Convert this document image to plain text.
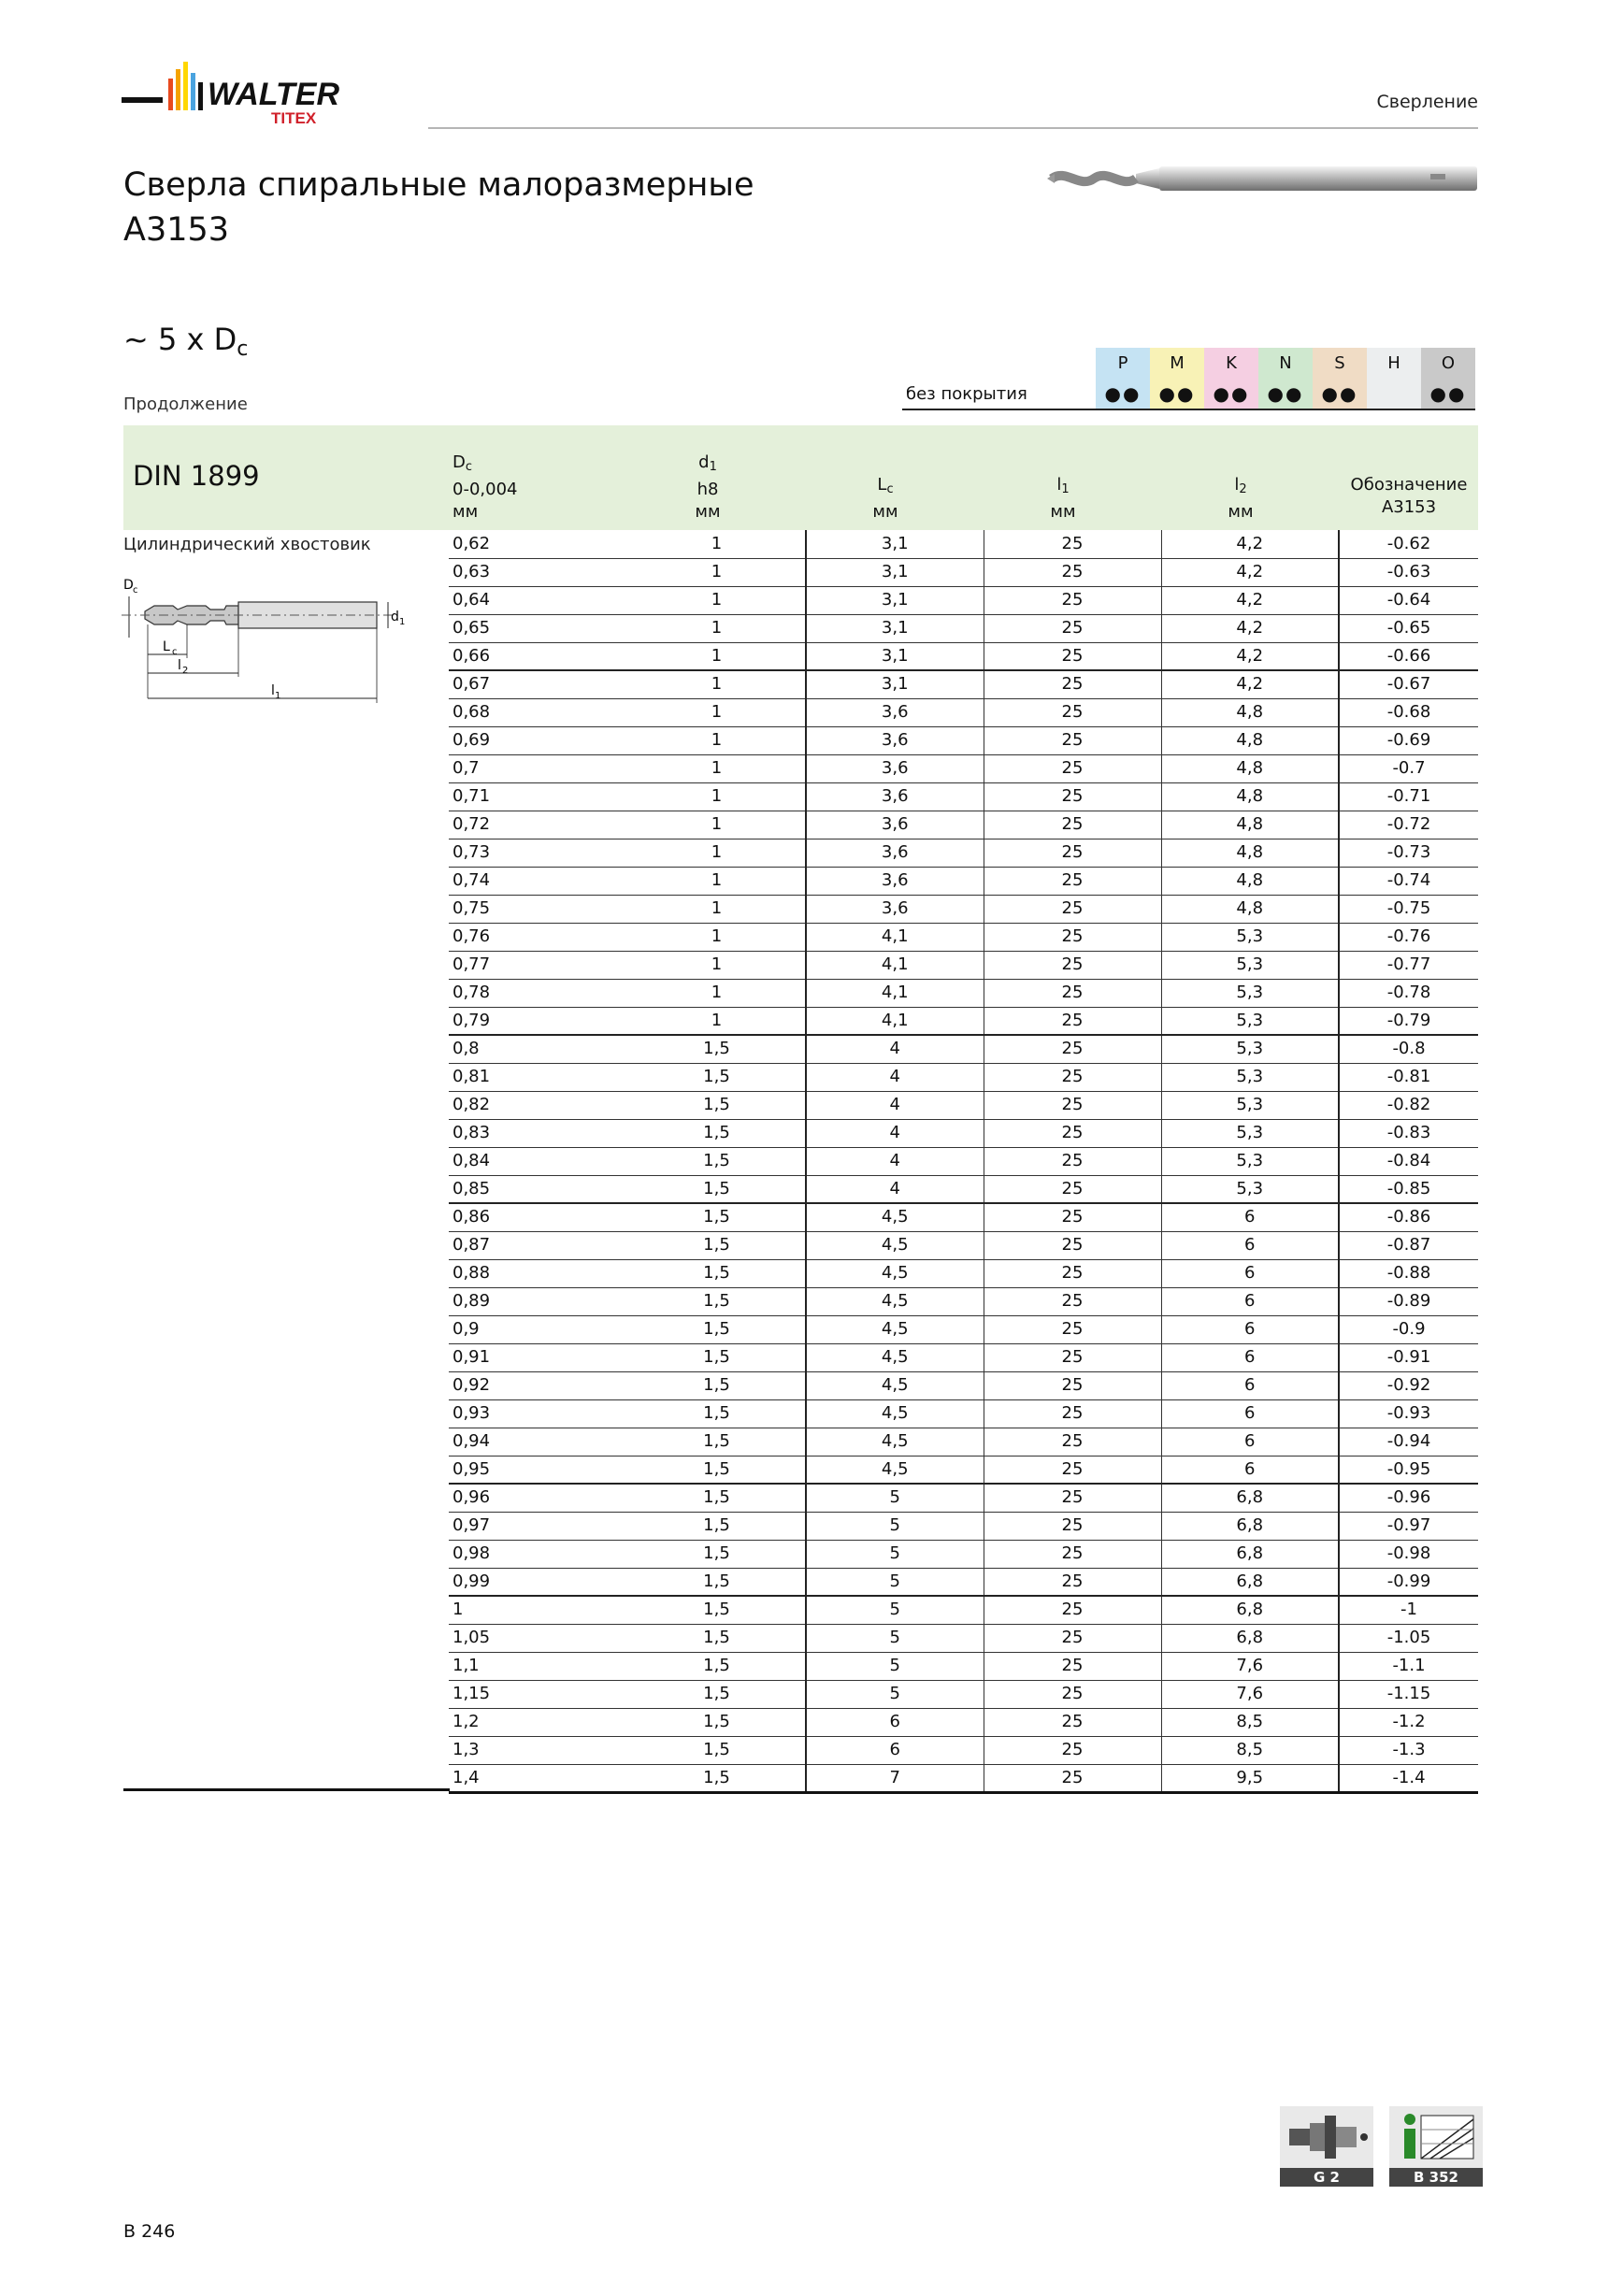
WALTER
TITEX
Сверление
Сверла спиральные малоразмерные
A3153
~ 5 x $D_c$
Продолжение
	P	M	K	N	S	H	O
без покрытия	●●	●●	●●	●●	●●		●●
DIN 1899	$D_c$
0-0,004
мм
$d_1$
h8
мм
$L_c$
мм
$l_1$
мм
$l_2$
мм
Обозначение
A3153
Цилиндрический хвостовик
D c
d 1
L c
l 2
l 1
0,62	1	3,1	25	4,2	-0.62
0,63	1	3,1	25	4,2	-0.63
0,64	1	3,1	25	4,2	-0.64
0,65	1	3,1	25	4,2	-0.65
0,66	1	3,1	25	4,2	-0.66
0,67	1	3,1	25	4,2	-0.67
0,68	1	3,6	25	4,8	-0.68
0,69	1	3,6	25	4,8	-0.69
0,7	1	3,6	25	4,8	-0.7
0,71	1	3,6	25	4,8	-0.71
0,72	1	3,6	25	4,8	-0.72
0,73	1	3,6	25	4,8	-0.73
0,74	1	3,6	25	4,8	-0.74
0,75	1	3,6	25	4,8	-0.75
0,76	1	4,1	25	5,3	-0.76
0,77	1	4,1	25	5,3	-0.77
0,78	1	4,1	25	5,3	-0.78
0,79	1	4,1	25	5,3	-0.79
0,8	1,5	4	25	5,3	-0.8
0,81	1,5	4	25	5,3	-0.81
0,82	1,5	4	25	5,3	-0.82
0,83	1,5	4	25	5,3	-0.83
0,84	1,5	4	25	5,3	-0.84
0,85	1,5	4	25	5,3	-0.85
0,86	1,5	4,5	25	6	-0.86
0,87	1,5	4,5	25	6	-0.87
0,88	1,5	4,5	25	6	-0.88
0,89	1,5	4,5	25	6	-0.89
0,9	1,5	4,5	25	6	-0.9
0,91	1,5	4,5	25	6	-0.91
0,92	1,5	4,5	25	6	-0.92
0,93	1,5	4,5	25	6	-0.93
0,94	1,5	4,5	25	6	-0.94
0,95	1,5	4,5	25	6	-0.95
0,96	1,5	5	25	6,8	-0.96
0,97	1,5	5	25	6,8	-0.97
0,98	1,5	5	25	6,8	-0.98
0,99	1,5	5	25	6,8	-0.99
1	1,5	5	25	6,8	-1
1,05	1,5	5	25	6,8	-1.05
1,1	1,5	5	25	7,6	-1.1
1,15	1,5	5	25	7,6	-1.15
1,2	1,5	6	25	8,5	-1.2
1,3	1,5	6	25	8,5	-1.3
1,4	1,5	7	25	9,5	-1.4
G 2	B 352
B 246
